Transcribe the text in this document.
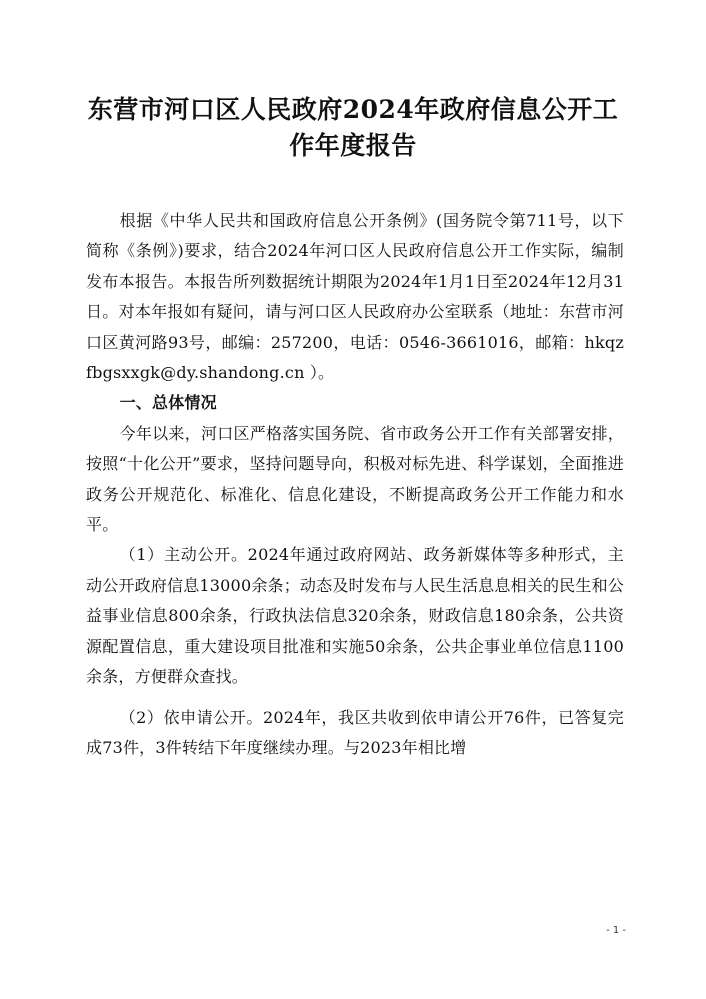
东营市河口区人民政府2024年政府信息公开工
作年度报告

根据《中华人民共和国政府信息公开条例》(国务院令第711号，以下简称《条例》)要求，结合2024年河口区人民政府信息公开工作实际，编制发布本报告。本报告所列数据统计期限为2024年1月1日至2024年12月31日。对本年报如有疑问，请与河口区人民政府办公室联系（地址：东营市河口区黄河路93号，邮编：257200，电话：0546-3661016，邮箱：hkqzfbgsxxgk@dy.shandong.cn ）。

一、总体情况

今年以来，河口区严格落实国务院、省市政务公开工作有关部署安排，按照“十化公开”要求，坚持问题导向，积极对标先进、科学谋划，全面推进政务公开规范化、标准化、信息化建设，不断提高政务公开工作能力和水平。

（1）主动公开。2024年通过政府网站、政务新媒体等多种形式，主动公开政府信息13000余条；动态及时发布与人民生活息息相关的民生和公益事业信息800余条，行政执法信息320余条，财政信息180余条，公共资源配置信息，重大建设项目批准和实施50余条，公共企事业单位信息1100余条，方便群众查找。

（2）依申请公开。2024年，我区共收到依申请公开76件，已答复完成73件，3件转结下年度继续办理。与2023年相比增

- 1 -
